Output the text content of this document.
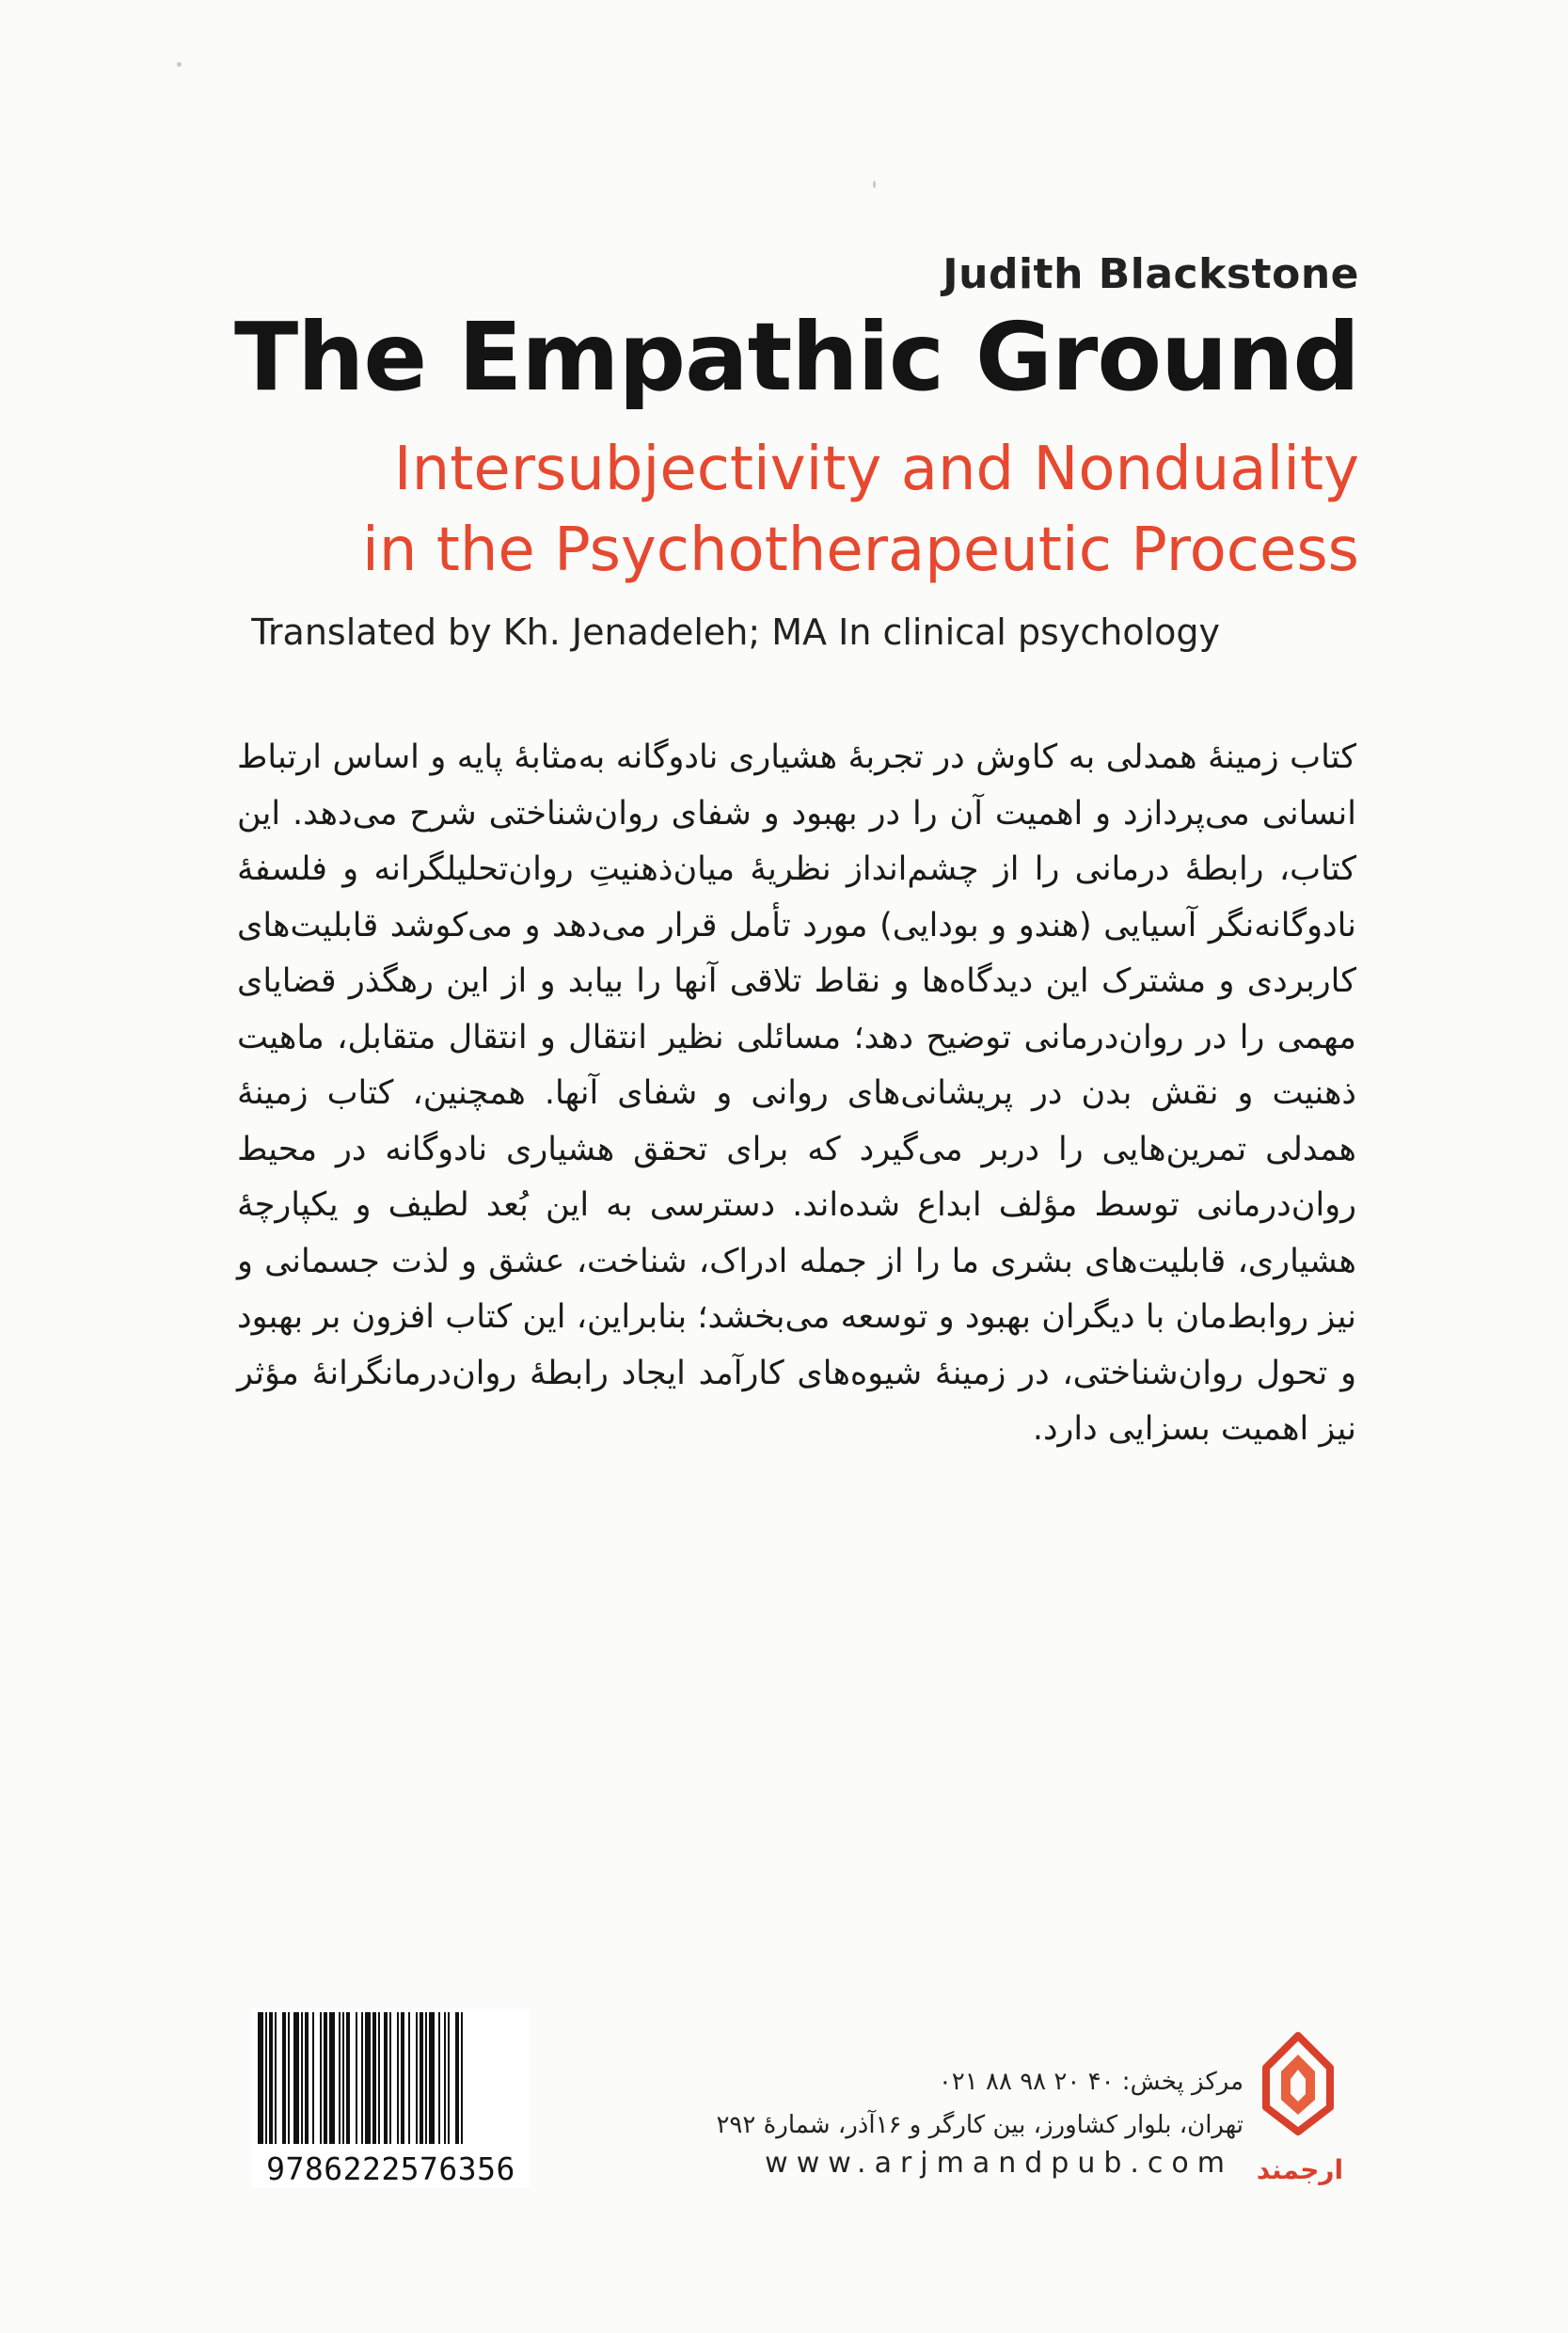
Judith Blackstone
The Empathic Ground
Intersubjectivity and Nonduality
in the Psychotherapeutic Process
Translated by Kh. Jenadeleh; MA In clinical psychology
کتاب زمینهٔ همدلی به کاوش در تجربهٔ هشیاری نادوگانه به‌مثابهٔ پایه و اساس ارتباط انسانی می‌پردازد و اهمیت آن را در بهبود و شفای روان‌شناختی شرح می‌دهد. این کتاب، رابطهٔ درمانی را از چشم‌انداز نظریهٔ میان‌ذهنیتِ روان‌تحلیلگرانه و فلسفهٔ نادوگانه‌نگر آسیایی (هندو و بودایی) مورد تأمل قرار می‌دهد و می‌کوشد قابلیت‌های کاربردی و مشترک این دیدگاه‌ها و نقاط تلاقی آنها را بیابد و از این رهگذر قضایای مهمی را در روان‌درمانی توضیح دهد؛ مسائلی نظیر انتقال و انتقال متقابل، ماهیت ذهنیت و نقش بدن در پریشانی‌های روانی و شفای آنها. همچنین، کتاب زمینهٔ همدلی تمرین‌هایی را دربر می‌گیرد که برای تحقق هشیاری نادوگانه در محیط روان‌درمانی توسط مؤلف ابداع شده‌اند. دسترسی به این بُعد لطیف و یکپارچهٔ هشیاری، قابلیت‌های بشری ما را از جمله ادراک، شناخت، عشق و لذت جسمانی و نیز روابط‌مان با دیگران بهبود و توسعه می‌بخشد؛ بنابراین، این کتاب افزون بر بهبود و تحول روان‌شناختی، در زمینهٔ شیوه‌های کارآمد ایجاد رابطهٔ روان‌درمانگرانهٔ مؤثر نیز اهمیت بسزایی دارد.
9786222576356
مرکز پخش: ۴۰ ۲۰ ۹۸ ۸۸ ۰۲۱
تهران، بلوار کشاورز، بین کارگر و ۱۶آذر، شمارهٔ ۲۹۲
www.arjmandpub.com ارجمند
